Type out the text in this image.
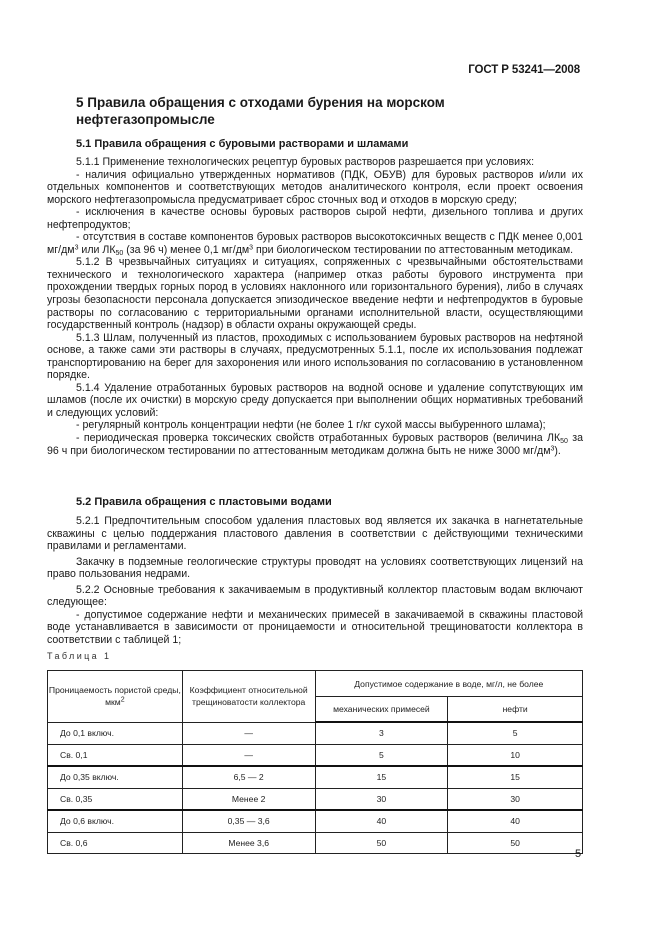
ГОСТ Р 53241—2008
5 Правила обращения с отходами бурения на морском нефтегазопромысле
5.1 Правила обращения с буровыми растворами и шламами

5.1.1 Применение технологических рецептур буровых растворов разрешается при условиях:

- наличия официально утвержденных нормативов (ПДК, ОБУВ) для буровых растворов и/или их отдельных компонентов и соответствующих методов аналитического контроля, если проект освоения морского нефтегазопромысла предусматривает сброс сточных вод и отходов в морскую среду;

- исключения в качестве основы буровых растворов сырой нефти, дизельного топлива и других нефтепродуктов;

- отсутствия в составе компонентов буровых растворов высокотоксичных веществ с ПДК менее 0,001 $мг/дм^3$ или $ЛК_{50}$ (за 96 ч) менее 0,1 $мг/дм^3$ при биологическом тестировании по аттестованным методикам.

5.1.2 В чрезвычайных ситуациях и ситуациях, сопряженных с чрезвычайными обстоятельствами технического и технологического характера (например отказ работы бурового инструмента при прохождении твердых горных пород в условиях наклонного или горизонтального бурения), либо в случаях угрозы безопасности персонала допускается эпизодическое введение нефти и нефтепродуктов в буровые растворы по согласованию с территориальными органами исполнительной власти, осуществляющими государственный контроль (надзор) в области охраны окружающей среды.

5.1.3 Шлам, полученный из пластов, проходимых с использованием буровых растворов на нефтяной основе, а также сами эти растворы в случаях, предусмотренных 5.1.1, после их использования подлежат транспортированию на берег для захоронения или иного использования по согласованию в установленном порядке.

5.1.4 Удаление отработанных буровых растворов на водной основе и удаление сопутствующих им шламов (после их очистки) в морскую среду допускается при выполнении общих нормативных требований и следующих условий:

- регулярный контроль концентрации нефти (не более 1 г/кг сухой массы выбуренного шлама);

- периодическая проверка токсических свойств отработанных буровых растворов (величина $ЛК_{50}$ за 96 ч при биологическом тестировании по аттестованным методикам должна быть не ниже 3000 $мг/дм^3$).

5.2 Правила обращения с пластовыми водами

5.2.1 Предпочтительным способом удаления пластовых вод является их закачка в нагнетательные скважины с целью поддержания пластового давления в соответствии с действующими техническими правилами и регламентами.

Закачку в подземные геологические структуры проводят на условиях соответствующих лицензий на право пользования недрами.

5.2.2 Основные требования к закачиваемым в продуктивный коллектор пластовым водам включают следующее:

- допустимое содержание нефти и механических примесей в закачиваемой в скважины пластовой воде устанавливается в зависимости от проницаемости и относительной трещиноватости коллектора в соответствии с таблицей 1;

Таблица 1
Проницаемость пористой среды, мкм$^2$	Коэффициент относительной трещиноватости коллектора	Допустимое содержание в воде, мг/л, не более	
		механических примесей	нефти
До 0,1 включ.	—	3	5
Св. 0,1	—	5	10
До 0,35 включ.	6,5 — 2	15	15
Св. 0,35	Менее 2	30	30
До 0,6 включ.	0,35 — 3,6	40	40
Св. 0,6	Менее 3,6	50	50
5
